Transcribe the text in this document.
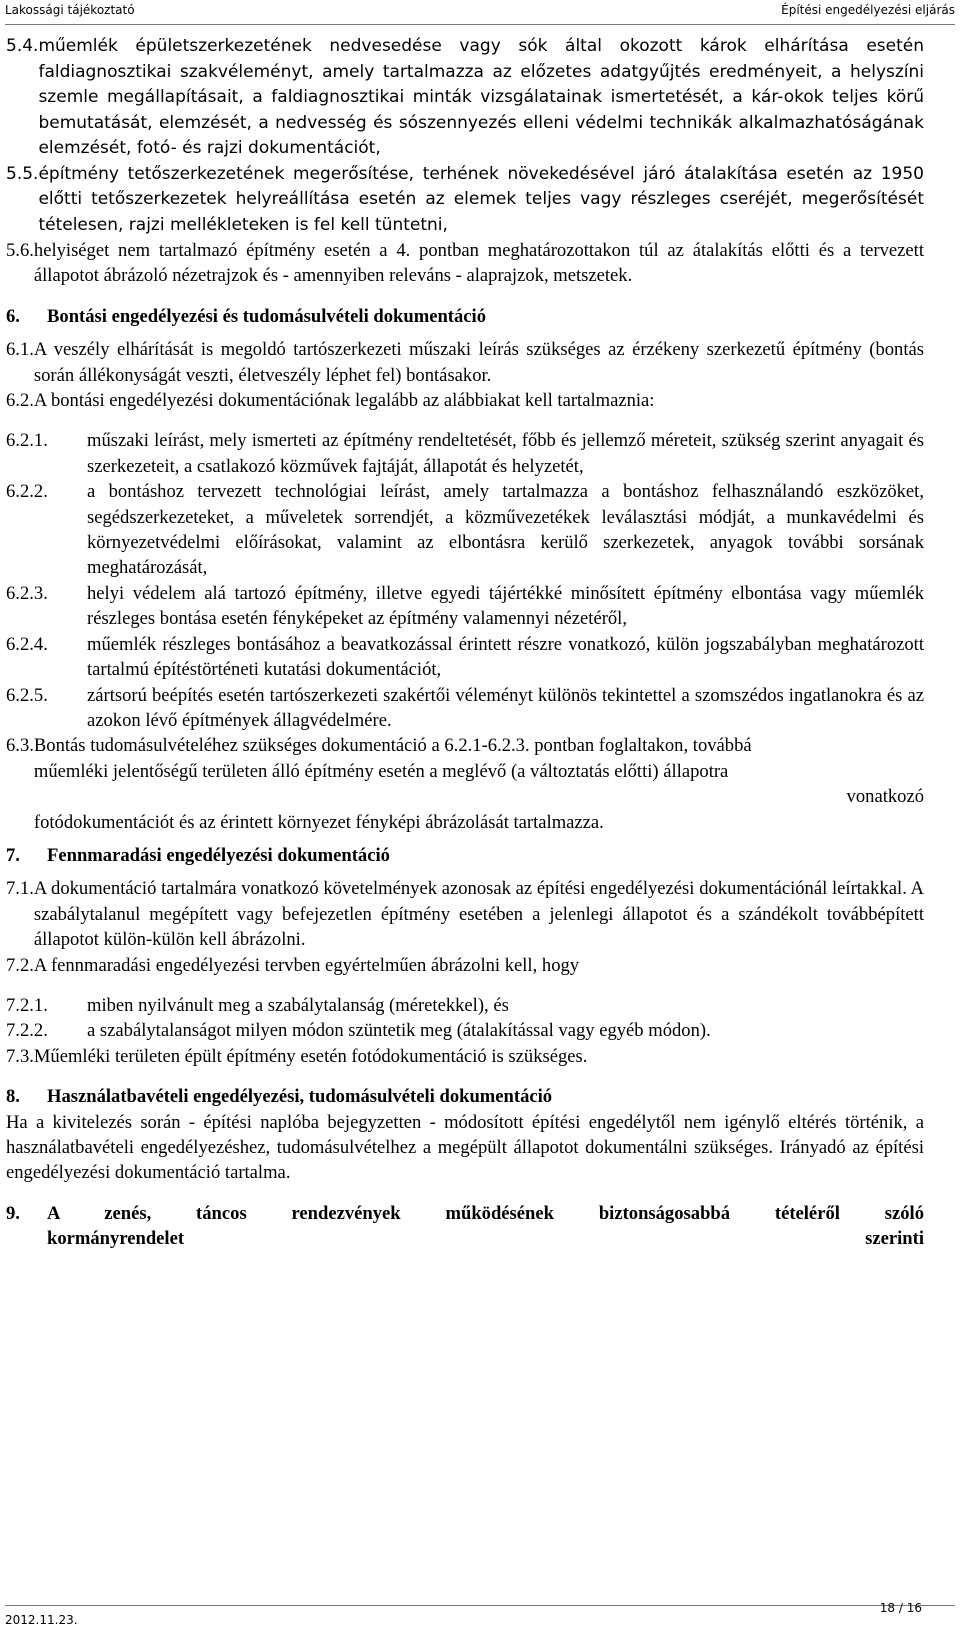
Lakossági tájékoztató	Építési engedélyezési eljárás

5.4. műemlék épületszerkezetének nedvesedése vagy sók által okozott károk elhárítása esetén faldiagnosztikai szakvéleményt, amely tartalmazza az előzetes adatgyűjtés eredményeit, a helyszíni szemle megállapításait, a faldiagnosztikai minták vizsgálatainak ismertetését, a kár-okok teljes körű bemutatását, elemzését, a nedvesség és sószennyezés elleni védelmi technikák alkalmazhatóságának elemzését, fotó- és rajzi dokumentációt,

5.5. építmény tetőszerkezetének megerősítése, terhének növekedésével járó átalakítása esetén az 1950 előtti tetőszerkezetek helyreállítása esetén az elemek teljes vagy részleges cseréjét, megerősítését tételesen, rajzi mellékleteken is fel kell tüntetni,

5.6. helyiséget nem tartalmazó építmény esetén a 4. pontban meghatározottakon túl az átalakítás előtti és a tervezett állapotot ábrázoló nézetrajzok és - amennyiben releváns - alaprajzok, metszetek.

6.	Bontási engedélyezési és tudomásulvételi dokumentáció

6.1. A veszély elhárítását is megoldó tartószerkezeti műszaki leírás szükséges az érzékeny szerkezetű építmény (bontás során állékonyságát veszti, életveszély léphet fel) bontásakor.

6.2. A bontási engedélyezési dokumentációnak legalább az alábbiakat kell tartalmaznia:

6.2.1.	műszaki leírást, mely ismerteti az építmény rendeltetését, főbb és jellemző méreteit, szükség szerint anyagait és szerkezeteit, a csatlakozó közművek fajtáját, állapotát és helyzetét,

6.2.2.	a bontáshoz tervezett technológiai leírást, amely tartalmazza a bontáshoz felhasználandó eszközöket, segédszerkezeteket, a műveletek sorrendjét, a közművezetékek leválasztási módját, a munkavédelmi és környezetvédelmi előírásokat, valamint az elbontásra kerülő szerkezetek, anyagok további sorsának meghatározását,

6.2.3.	helyi védelem alá tartozó építmény, illetve egyedi tájértékké minősített építmény elbontása vagy műemlék részleges bontása esetén fényképeket az építmény valamennyi nézetéről,

6.2.4.	műemlék részleges bontásához a beavatkozással érintett részre vonatkozó, külön jogszabályban meghatározott tartalmú építéstörténeti kutatási dokumentációt,

6.2.5.	zártsorú beépítés esetén tartószerkezeti szakértői véleményt különös tekintettel a szomszédos ingatlanokra és az azokon lévő építmények állagvédelmére.

6.3. Bontás tudomásulvételéhez szükséges dokumentáció a 6.2.1-6.2.3. pontban foglaltakon, továbbá
műemléki jelentőségű területen álló építmény esetén a meglévő (a változtatás előtti) állapotra
vonatkozó
fotódokumentációt és az érintett környezet fényképi ábrázolását tartalmazza.

7.	Fennmaradási engedélyezési dokumentáció

7.1. A dokumentáció tartalmára vonatkozó követelmények azonosak az építési engedélyezési dokumentációnál leírtakkal. A szabálytalanul megépített vagy befejezetlen építmény esetében a jelenlegi állapotot és a szándékolt továbbépített állapotot külön-külön kell ábrázolni.

7.2. A fennmaradási engedélyezési tervben egyértelműen ábrázolni kell, hogy

7.2.1.	miben nyilvánult meg a szabálytalanság (méretekkel), és

7.2.2.	a szabálytalanságot milyen módon szüntetik meg (átalakítással vagy egyéb módon).

7.3. Műemléki területen épült építmény esetén fotódokumentáció is szükséges.

8.	Használatbavételi engedélyezési, tudomásulvételi dokumentáció

Ha a kivitelezés során - építési naplóba bejegyzetten - módosított építési engedélytől nem igénylő eltérés történik, a használatbavételi engedélyezéshez, tudomásulvételhez a megépült állapotot dokumentálni szükséges. Irányadó az építési engedélyezési dokumentáció tartalma.

9.	A zenés, táncos rendezvények működésének biztonságosabbá tételéről szóló
kormányrendelet	szerinti
2012.11.23.
18 / 16
